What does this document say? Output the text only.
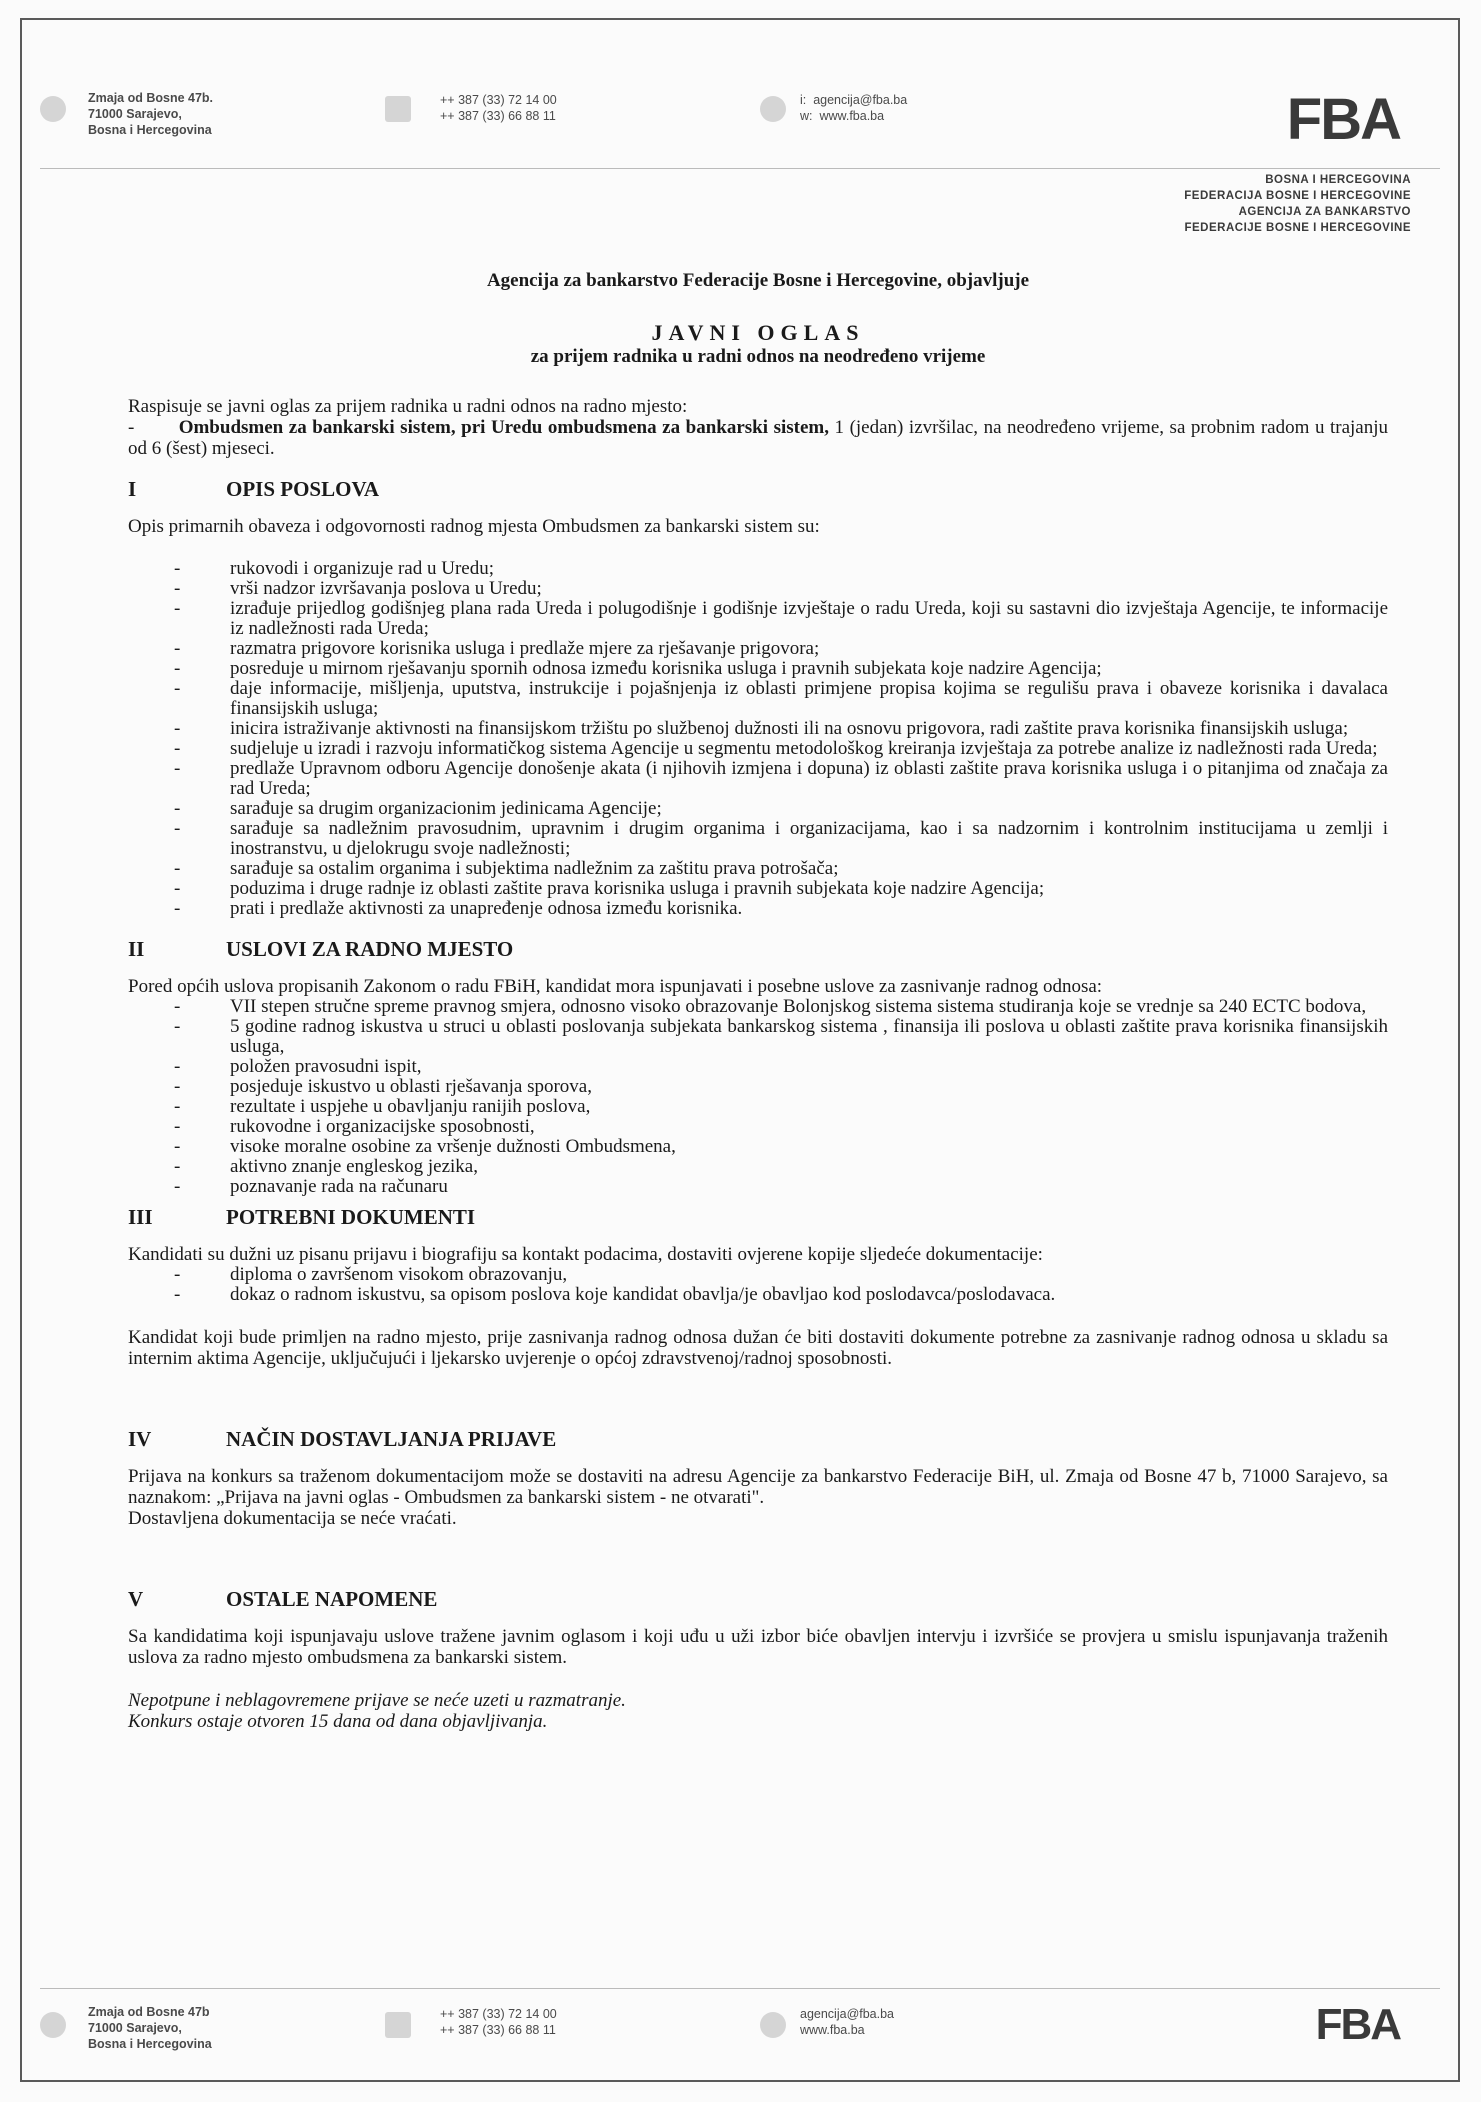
Zmaja od Bosne 47b.
71000 Sarajevo,
Bosna i Hercegovina
++ 387 (33) 72 14 00
++ 387 (33) 66 88 11
i: agencija@fba.ba
w: www.fba.ba	FBA
BOSNA I HERCEGOVINA
FEDERACIJA BOSNE I HERCEGOVINE
AGENCIJA ZA BANKARSTVO
FEDERACIJE BOSNE I HERCEGOVINE
Agencija za bankarstvo Federacije Bosne i Hercegovine, objavljuje
JAVNI OGLAS
za prijem radnika u radni odnos na neodređeno vrijeme

Raspisuje se javni oglas za prijem radnika u radni odnos na radno mjesto:

- Ombudsmen za bankarski sistem, pri Uredu ombudsmena za bankarski sistem, 1 (jedan) izvršilac, na neodređeno vrijeme, sa probnim radom u trajanju od 6 (šest) mjeseci.

I	OPIS POSLOVA

Opis primarnih obaveza i odgovornosti radnog mjesta Ombudsmen za bankarski sistem su:

- rukovodi i organizuje rad u Uredu;
- vrši nadzor izvršavanja poslova u Uredu;
- izrađuje prijedlog godišnjeg plana rada Ureda i polugodišnje i godišnje izvještaje o radu Ureda, koji su sastavni dio izvještaja Agencije, te informacije iz nadležnosti rada Ureda;
- razmatra prigovore korisnika usluga i predlaže mjere za rješavanje prigovora;
- posreduje u mirnom rješavanju spornih odnosa između korisnika usluga i pravnih subjekata koje nadzire Agencija;
- daje informacije, mišljenja, uputstva, instrukcije i pojašnjenja iz oblasti primjene propisa kojima se regulišu prava i obaveze korisnika i davalaca finansijskih usluga;
- inicira istraživanje aktivnosti na finansijskom tržištu po službenoj dužnosti ili na osnovu prigovora, radi zaštite prava korisnika finansijskih usluga;
- sudjeluje u izradi i razvoju informatičkog sistema Agencije u segmentu metodološkog kreiranja izvještaja za potrebe analize iz nadležnosti rada Ureda;
- predlaže Upravnom odboru Agencije donošenje akata (i njihovih izmjena i dopuna) iz oblasti zaštite prava korisnika usluga i o pitanjima od značaja za rad Ureda;
- sarađuje sa drugim organizacionim jedinicama Agencije;
- sarađuje sa nadležnim pravosudnim, upravnim i drugim organima i organizacijama, kao i sa nadzornim i kontrolnim institucijama u zemlji i inostranstvu, u djelokrugu svoje nadležnosti;
- sarađuje sa ostalim organima i subjektima nadležnim za zaštitu prava potrošača;
- poduzima i druge radnje iz oblasti zaštite prava korisnika usluga i pravnih subjekata koje nadzire Agencija;
- prati i predlaže aktivnosti za unapređenje odnosa između korisnika.
II	USLOVI ZA RADNO MJESTO

Pored općih uslova propisanih Zakonom o radu FBiH, kandidat mora ispunjavati i posebne uslove za zasnivanje radnog odnosa:

- VII stepen stručne spreme pravnog smjera, odnosno visoko obrazovanje Bolonjskog sistema sistema studiranja koje se vrednje sa 240 ECTC bodova,
- 5 godine radnog iskustva u struci u oblasti poslovanja subjekata bankarskog sistema , finansija ili poslova u oblasti zaštite prava korisnika finansijskih usluga,
- položen pravosudni ispit,
- posjeduje iskustvo u oblasti rješavanja sporova,
- rezultate i uspjehe u obavljanju ranijih poslova,
- rukovodne i organizacijske sposobnosti,
- visoke moralne osobine za vršenje dužnosti Ombudsmena,
- aktivno znanje engleskog jezika,
- poznavanje rada na računaru
III	POTREBNI DOKUMENTI

Kandidati su dužni uz pisanu prijavu i biografiju sa kontakt podacima, dostaviti ovjerene kopije sljedeće dokumentacije:

- diploma o završenom visokom obrazovanju,
- dokaz o radnom iskustvu, sa opisom poslova koje kandidat obavlja/je obavljao kod poslodavca/poslodavaca.

Kandidat koji bude primljen na radno mjesto, prije zasnivanja radnog odnosa dužan će biti dostaviti dokumente potrebne za zasnivanje radnog odnosa u skladu sa internim aktima Agencije, uključujući i ljekarsko uvjerenje o općoj zdravstvenoj/radnoj sposobnosti.

IV	NAČIN DOSTAVLJANJA PRIJAVE

Prijava na konkurs sa traženom dokumentacijom može se dostaviti na adresu Agencije za bankarstvo Federacije BiH, ul. Zmaja od Bosne 47 b, 71000 Sarajevo, sa naznakom: „Prijava na javni oglas - Ombudsmen za bankarski sistem - ne otvarati".

Dostavljena dokumentacija se neće vraćati.

V	OSTALE NAPOMENE

Sa kandidatima koji ispunjavaju uslove tražene javnim oglasom i koji uđu u uži izbor biće obavljen intervju i izvršiće se provjera u smislu ispunjavanja traženih uslova za radno mjesto ombudsmena za bankarski sistem.

Nepotpune i neblagovremene prijave se neće uzeti u razmatranje.

Konkurs ostaje otvoren 15 dana od dana objavljivanja.

Zmaja od Bosne 47b
71000 Sarajevo,
Bosna i Hercegovina
++ 387 (33) 72 14 00
++ 387 (33) 66 88 11
agencija@fba.ba
www.fba.ba	FBA
